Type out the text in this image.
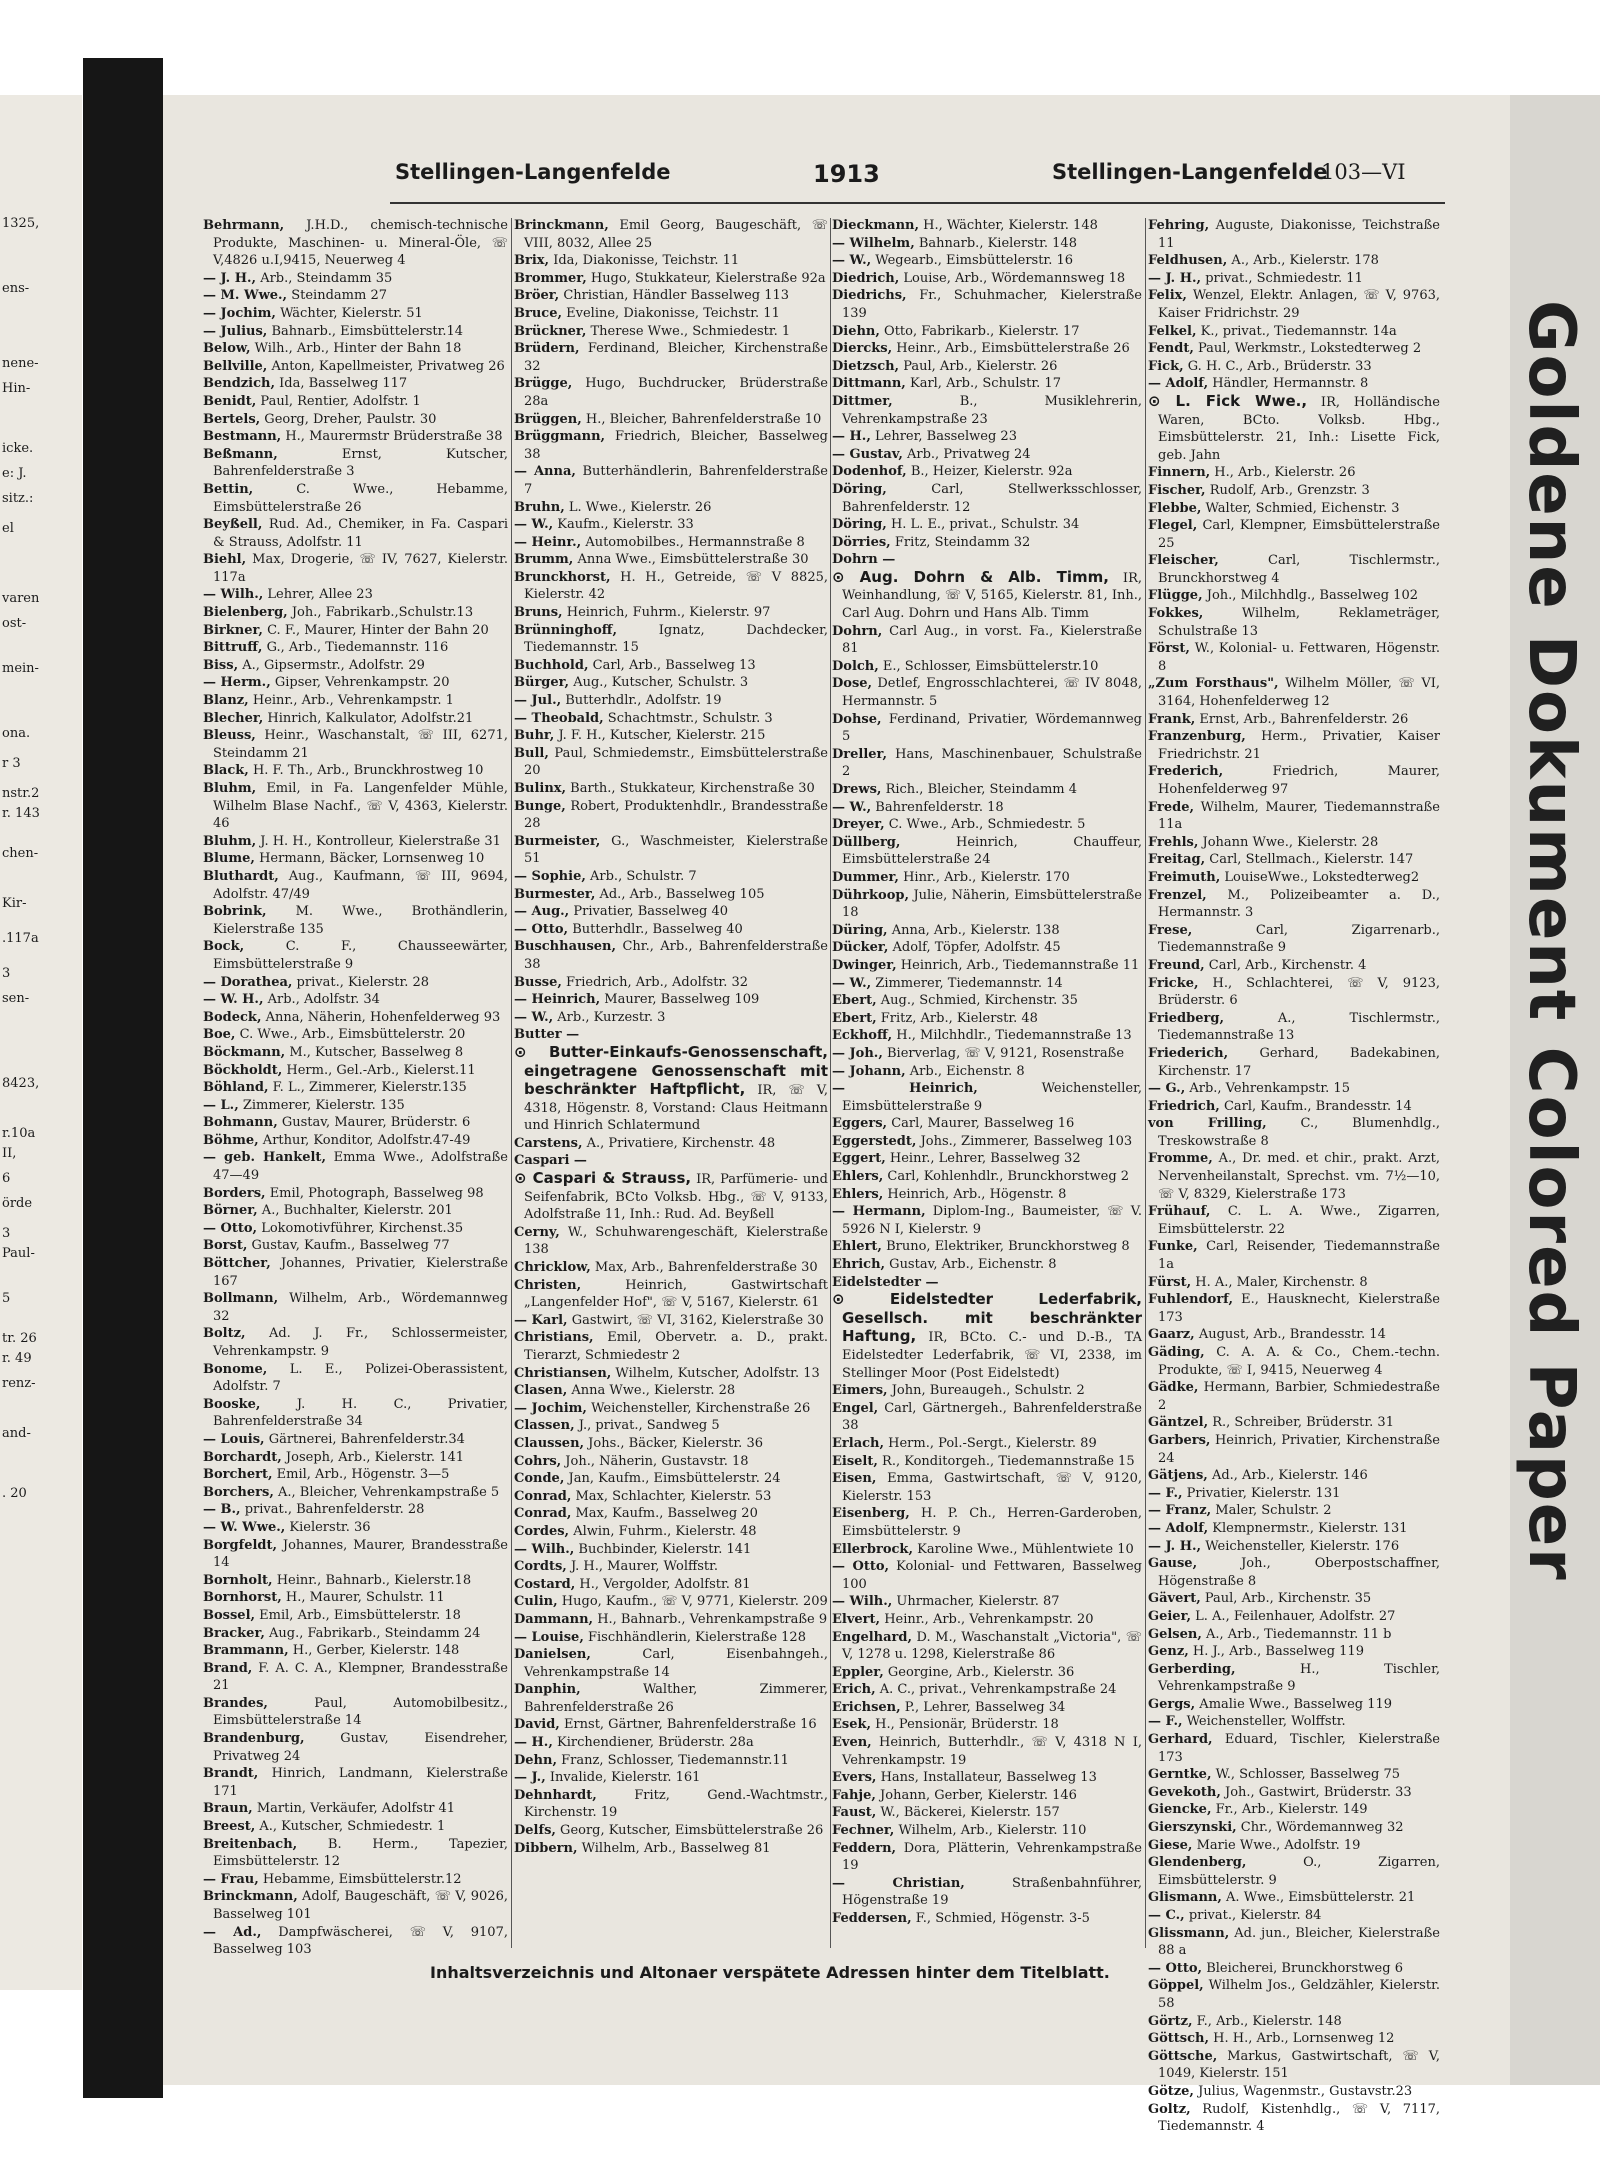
1325,
ens-
nene-
Hin-
icke.
e: J.
sitz.:
el
varen
ost-
mein-
ona.
r 3
nstr.2
r. 143
chen-
Kir-
.117a
3
sen-
8423,
r.10a
II,
6
örde
3
Paul-
5
tr. 26
r. 49
renz-
and-
. 20	Goldene Dokument Colored Paper
Stellingen-Langenfelde	1913	Stellingen-Langenfelde
103—VI

Behrmann, J.H.D., chemisch-technische Produkte, Maschinen- u. Mineral-Öle, ☏ V,4826 u.I,9415, Neuerweg 4

— J. H., Arb., Steindamm 35

— M. Wwe., Steindamm 27

— Jochim, Wächter, Kielerstr. 51

— Julius, Bahnarb., Eimsbüttelerstr.14

Below, Wilh., Arb., Hinter der Bahn 18

Bellville, Anton, Kapellmeister, Privatweg 26

Bendzich, Ida, Basselweg 117

Benidt, Paul, Rentier, Adolfstr. 1

Bertels, Georg, Dreher, Paulstr. 30

Bestmann, H., Maurermstr Brüderstraße 38

Beßmann, Ernst, Kutscher, Bahrenfelderstraße 3

Bettin, C. Wwe., Hebamme, Eimsbüttelerstraße 26

Beyßell, Rud. Ad., Chemiker, in Fa. Caspari & Strauss, Adolfstr. 11

Biehl, Max, Drogerie, ☏ IV, 7627, Kielerstr. 117a

— Wilh., Lehrer, Allee 23

Bielenberg, Joh., Fabrikarb.,Schulstr.13

Birkner, C. F., Maurer, Hinter der Bahn 20

Bittruff, G., Arb., Tiedemannstr. 116

Biss, A., Gipsermstr., Adolfstr. 29

— Herm., Gipser, Vehrenkampstr. 20

Blanz, Heinr., Arb., Vehrenkampstr. 1

Blecher, Hinrich, Kalkulator, Adolfstr.21

Bleuss, Heinr., Waschanstalt, ☏ III, 6271, Steindamm 21

Black, H. F. Th., Arb., Brunckhrostweg 10

Bluhm, Emil, in Fa. Langenfelder Mühle, Wilhelm Blase Nachf., ☏ V, 4363, Kielerstr. 46

Bluhm, J. H. H., Kontrolleur, Kielerstraße 31

Blume, Hermann, Bäcker, Lornsenweg 10

Bluthardt, Aug., Kaufmann, ☏ III, 9694, Adolfstr. 47/49

Bobrink, M. Wwe., Brothändlerin, Kielerstraße 135

Bock, C. F., Chausseewärter, Eimsbüttelerstraße 9

— Dorathea, privat., Kielerstr. 28

— W. H., Arb., Adolfstr. 34

Bodeck, Anna, Näherin, Hohenfelderweg 93

Boe, C. Wwe., Arb., Eimsbüttelerstr. 20

Böckmann, M., Kutscher, Basselweg 8

Böckholdt, Herm., Gel.-Arb., Kielerst.11

Böhland, F. L., Zimmerer, Kielerstr.135

— L., Zimmerer, Kielerstr. 135

Bohmann, Gustav, Maurer, Brüderstr. 6

Böhme, Arthur, Konditor, Adolfstr.47-49

— geb. Hankelt, Emma Wwe., Adolfstraße 47—49

Borders, Emil, Photograph, Basselweg 98

Börner, A., Buchhalter, Kielerstr. 201

— Otto, Lokomotivführer, Kirchenst.35

Borst, Gustav, Kaufm., Basselweg 77

Böttcher, Johannes, Privatier, Kielerstraße 167

Bollmann, Wilhelm, Arb., Wördemannweg 32

Boltz, Ad. J. Fr., Schlossermeister, Vehrenkampstr. 9

Bonome, L. E., Polizei-Oberassistent, Adolfstr. 7

Booske, J. H. C., Privatier, Bahrenfelderstraße 34

— Louis, Gärtnerei, Bahrenfelderstr.34

Borchardt, Joseph, Arb., Kielerstr. 141

Borchert, Emil, Arb., Högenstr. 3—5

Borchers, A., Bleicher, Vehrenkampstraße 5

— B., privat., Bahrenfelderstr. 28

— W. Wwe., Kielerstr. 36

Borgfeldt, Johannes, Maurer, Brandesstraße 14

Bornholt, Heinr., Bahnarb., Kielerstr.18

Bornhorst, H., Maurer, Schulstr. 11

Bossel, Emil, Arb., Eimsbüttelerstr. 18

Bracker, Aug., Fabrikarb., Steindamm 24

Brammann, H., Gerber, Kielerstr. 148

Brand, F. A. C. A., Klempner, Brandesstraße 21

Brandes, Paul, Automobilbesitz., Eimsbüttelerstraße 14

Brandenburg, Gustav, Eisendreher, Privatweg 24

Brandt, Hinrich, Landmann, Kielerstraße 171

Braun, Martin, Verkäufer, Adolfstr 41

Breest, A., Kutscher, Schmiedestr. 1

Breitenbach, B. Herm., Tapezier, Eimsbüttelerstr. 12

— Frau, Hebamme, Eimsbüttelerstr.12

Brinckmann, Adolf, Baugeschäft, ☏ V, 9026, Basselweg 101

— Ad., Dampfwäscherei, ☏ V, 9107, Basselweg 103

Brinckmann, Emil Georg, Baugeschäft, ☏ VIII, 8032, Allee 25

Brix, Ida, Diakonisse, Teichstr. 11

Brommer, Hugo, Stukkateur, Kielerstraße 92a

Bröer, Christian, Händler Basselweg 113

Bruce, Eveline, Diakonisse, Teichstr. 11

Brückner, Therese Wwe., Schmiedestr. 1

Brüdern, Ferdinand, Bleicher, Kirchenstraße 32

Brügge, Hugo, Buchdrucker, Brüderstraße 28a

Brüggen, H., Bleicher, Bahrenfelderstraße 10

Brüggmann, Friedrich, Bleicher, Basselweg 38

— Anna, Butterhändlerin, Bahrenfelderstraße 7

Bruhn, L. Wwe., Kielerstr. 26

— W., Kaufm., Kielerstr. 33

— Heinr., Automobilbes., Hermannstraße 8

Brumm, Anna Wwe., Eimsbüttelerstraße 30

Brunckhorst, H. H., Getreide, ☏ V 8825, Kielerstr. 42

Bruns, Heinrich, Fuhrm., Kielerstr. 97

Brünninghoff, Ignatz, Dachdecker, Tiedemannstr. 15

Buchhold, Carl, Arb., Basselweg 13

Bürger, Aug., Kutscher, Schulstr. 3

— Jul., Butterhdlr., Adolfstr. 19

— Theobald, Schachtmstr., Schulstr. 3

Buhr, J. F. H., Kutscher, Kielerstr. 215

Bull, Paul, Schmiedemstr., Eimsbüttelerstraße 20

Bulinx, Barth., Stukkateur, Kirchenstraße 30

Bunge, Robert, Produktenhdlr., Brandesstraße 28

Burmeister, G., Waschmeister, Kielerstraße 51

— Sophie, Arb., Schulstr. 7

Burmester, Ad., Arb., Basselweg 105

— Aug., Privatier, Basselweg 40

— Otto, Butterhdlr., Basselweg 40

Buschhausen, Chr., Arb., Bahrenfelderstraße 38

Busse, Friedrich, Arb., Adolfstr. 32

— Heinrich, Maurer, Basselweg 109

— W., Arb., Kurzestr. 3

Butter —

⊙ Butter-Einkaufs-Genossenschaft, eingetragene Genossenschaft mit beschränkter Haftpflicht, IR, ☏ V, 4318, Högenstr. 8, Vorstand: Claus Heitmann und Hinrich Schlatermund

Carstens, A., Privatiere, Kirchenstr. 48

Caspari —

⊙ Caspari & Strauss, IR, Parfümerie- und Seifenfabrik, BCto Volksb. Hbg., ☏ V, 9133, Adolfstraße 11, Inh.: Rud. Ad. Beyßell

Cerny, W., Schuhwarengeschäft, Kielerstraße 138

Chricklow, Max, Arb., Bahrenfelderstraße 30

Christen, Heinrich, Gastwirtschaft „Langenfelder Hof", ☏ V, 5167, Kielerstr. 61

— Karl, Gastwirt, ☏ VI, 3162, Kielerstraße 30

Christians, Emil, Obervetr. a. D., prakt. Tierarzt, Schmiedestr 2

Christiansen, Wilhelm, Kutscher, Adolfstr. 13

Clasen, Anna Wwe., Kielerstr. 28

— Jochim, Weichensteller, Kirchenstraße 26

Classen, J., privat., Sandweg 5

Claussen, Johs., Bäcker, Kielerstr. 36

Cohrs, Joh., Näherin, Gustavstr. 18

Conde, Jan, Kaufm., Eimsbüttelerstr. 24

Conrad, Max, Schlachter, Kielerstr. 53

Conrad, Max, Kaufm., Basselweg 20

Cordes, Alwin, Fuhrm., Kielerstr. 48

— Wilh., Buchbinder, Kielerstr. 141

Cordts, J. H., Maurer, Wolffstr.

Costard, H., Vergolder, Adolfstr. 81

Culin, Hugo, Kaufm., ☏ V, 9771, Kielerstr. 209

Dammann, H., Bahnarb., Vehrenkampstraße 9

— Louise, Fischhändlerin, Kielerstraße 128

Danielsen, Carl, Eisenbahngeh., Vehrenkampstraße 14

Danphin, Walther, Zimmerer, Bahrenfelderstraße 26

David, Ernst, Gärtner, Bahrenfelderstraße 16

— H., Kirchendiener, Brüderstr. 28a

Dehn, Franz, Schlosser, Tiedemannstr.11

— J., Invalide, Kielerstr. 161

Dehnhardt, Fritz, Gend.-Wachtmstr., Kirchenstr. 19

Delfs, Georg, Kutscher, Eimsbüttelerstraße 26

Dibbern, Wilhelm, Arb., Basselweg 81

Dieckmann, H., Wächter, Kielerstr. 148

— Wilhelm, Bahnarb., Kielerstr. 148

— W., Wegearb., Eimsbüttelerstr. 16

Diedrich, Louise, Arb., Wördemannsweg 18

Diedrichs, Fr., Schuhmacher, Kielerstraße 139

Diehn, Otto, Fabrikarb., Kielerstr. 17

Diercks, Heinr., Arb., Eimsbüttelerstraße 26

Dietzsch, Paul, Arb., Kielerstr. 26

Dittmann, Karl, Arb., Schulstr. 17

Dittmer, B., Musiklehrerin, Vehrenkampstraße 23

— H., Lehrer, Basselweg 23

— Gustav, Arb., Privatweg 24

Dodenhof, B., Heizer, Kielerstr. 92a

Döring, Carl, Stellwerksschlosser, Bahrenfelderstr. 12

Döring, H. L. E., privat., Schulstr. 34

Dörries, Fritz, Steindamm 32

Dohrn —

⊙ Aug. Dohrn & Alb. Timm, IR, Weinhandlung, ☏ V, 5165, Kielerstr. 81, Inh., Carl Aug. Dohrn und Hans Alb. Timm

Dohrn, Carl Aug., in vorst. Fa., Kielerstraße 81

Dolch, E., Schlosser, Eimsbüttelerstr.10

Dose, Detlef, Engrosschlachterei, ☏ IV 8048, Hermannstr. 5

Dohse, Ferdinand, Privatier, Wördemannweg 5

Dreller, Hans, Maschinenbauer, Schulstraße 2

Drews, Rich., Bleicher, Steindamm 4

— W., Bahrenfelderstr. 18

Dreyer, C. Wwe., Arb., Schmiedestr. 5

Düllberg, Heinrich, Chauffeur, Eimsbüttelerstraße 24

Dummer, Hinr., Arb., Kielerstr. 170

Dührkoop, Julie, Näherin, Eimsbüttelerstraße 18

Düring, Anna, Arb., Kielerstr. 138

Dücker, Adolf, Töpfer, Adolfstr. 45

Dwinger, Heinrich, Arb., Tiedemannstraße 11

— W., Zimmerer, Tiedemannstr. 14

Ebert, Aug., Schmied, Kirchenstr. 35

Ebert, Fritz, Arb., Kielerstr. 48

Eckhoff, H., Milchhdlr., Tiedemannstraße 13

— Joh., Bierverlag, ☏ V, 9121, Rosenstraße

— Johann, Arb., Eichenstr. 8

— Heinrich, Weichensteller, Eimsbüttelerstraße 9

Eggers, Carl, Maurer, Basselweg 16

Eggerstedt, Johs., Zimmerer, Basselweg 103

Eggert, Heinr., Lehrer, Basselweg 32

Ehlers, Carl, Kohlenhdlr., Brunckhorstweg 2

Ehlers, Heinrich, Arb., Högenstr. 8

— Hermann, Diplom-Ing., Baumeister, ☏ V. 5926 N I, Kielerstr. 9

Ehlert, Bruno, Elektriker, Brunckhorstweg 8

Ehrich, Gustav, Arb., Eichenstr. 8

Eidelstedter —

⊙ Eidelstedter Lederfabrik, Gesellsch. mit beschränkter Haftung, IR, BCto. C.- und D.-B., TA Eidelstedter Lederfabrik, ☏ VI, 2338, im Stellinger Moor (Post Eidelstedt)

Eimers, John, Bureaugeh., Schulstr. 2

Engel, Carl, Gärtnergeh., Bahrenfelderstraße 38

Erlach, Herm., Pol.-Sergt., Kielerstr. 89

Eiselt, R., Konditorgeh., Tiedemannstraße 15

Eisen, Emma, Gastwirtschaft, ☏ V, 9120, Kielerstr. 153

Eisenberg, H. P. Ch., Herren-Garderoben, Eimsbüttelerstr. 9

Ellerbrock, Karoline Wwe., Mühlentwiete 10

— Otto, Kolonial- und Fettwaren, Basselweg 100

— Wilh., Uhrmacher, Kielerstr. 87

Elvert, Heinr., Arb., Vehrenkampstr. 20

Engelhard, D. M., Waschanstalt „Victoria", ☏ V, 1278 u. 1298, Kielerstraße 86

Eppler, Georgine, Arb., Kielerstr. 36

Erich, A. C., privat., Vehrenkampstraße 24

Erichsen, P., Lehrer, Basselweg 34

Esek, H., Pensionär, Brüderstr. 18

Even, Heinrich, Butterhdlr., ☏ V, 4318 N I, Vehrenkampstr. 19

Evers, Hans, Installateur, Basselweg 13

Fahje, Johann, Gerber, Kielerstr. 146

Faust, W., Bäckerei, Kielerstr. 157

Fechner, Wilhelm, Arb., Kielerstr. 110

Feddern, Dora, Plätterin, Vehrenkampstraße 19

— Christian, Straßenbahnführer, Högenstraße 19

Feddersen, F., Schmied, Högenstr. 3-5

Fehring, Auguste, Diakonisse, Teichstraße 11

Feldhusen, A., Arb., Kielerstr. 178

— J. H., privat., Schmiedestr. 11

Felix, Wenzel, Elektr. Anlagen, ☏ V, 9763, Kaiser Fridrichstr. 29

Felkel, K., privat., Tiedemannstr. 14a

Fendt, Paul, Werkmstr., Lokstedterweg 2

Fick, G. H. C., Arb., Brüderstr. 33

— Adolf, Händler, Hermannstr. 8

⊙ L. Fick Wwe., IR, Holländische Waren, BCto. Volksb. Hbg., Eimsbüttelerstr. 21, Inh.: Lisette Fick, geb. Jahn

Finnern, H., Arb., Kielerstr. 26

Fischer, Rudolf, Arb., Grenzstr. 3

Flebbe, Walter, Schmied, Eichenstr. 3

Flegel, Carl, Klempner, Eimsbüttelerstraße 25

Fleischer, Carl, Tischlermstr., Brunckhorstweg 4

Flügge, Joh., Milchhdlg., Basselweg 102

Fokkes, Wilhelm, Reklameträger, Schulstraße 13

Först, W., Kolonial- u. Fettwaren, Högenstr. 8

„Zum Forsthaus", Wilhelm Möller, ☏ VI, 3164, Hohenfelderweg 12

Frank, Ernst, Arb., Bahrenfelderstr. 26

Franzenburg, Herm., Privatier, Kaiser Friedrichstr. 21

Frederich, Friedrich, Maurer, Hohenfelderweg 97

Frede, Wilhelm, Maurer, Tiedemannstraße 11a

Frehls, Johann Wwe., Kielerstr. 28

Freitag, Carl, Stellmach., Kielerstr. 147

Freimuth, LouiseWwe., Lokstedterweg2

Frenzel, M., Polizeibeamter a. D., Hermannstr. 3

Frese, Carl, Zigarrenarb., Tiedemannstraße 9

Freund, Carl, Arb., Kirchenstr. 4

Fricke, H., Schlachterei, ☏ V, 9123, Brüderstr. 6

Friedberg, A., Tischlermstr., Tiedemannstraße 13

Friederich, Gerhard, Badekabinen, Kirchenstr. 17

— G., Arb., Vehrenkampstr. 15

Friedrich, Carl, Kaufm., Brandesstr. 14

von Frilling, C., Blumenhdlg., Treskowstraße 8

Fromme, A., Dr. med. et chir., prakt. Arzt, Nervenheilanstalt, Sprechst. vm. 7½—10, ☏ V, 8329, Kielerstraße 173

Frühauf, C. L. A. Wwe., Zigarren, Eimsbüttelerstr. 22

Funke, Carl, Reisender, Tiedemannstraße 1a

Fürst, H. A., Maler, Kirchenstr. 8

Fuhlendorf, E., Hausknecht, Kielerstraße 173

Gaarz, August, Arb., Brandesstr. 14

Gäding, C. A. A. & Co., Chem.-techn. Produkte, ☏ I, 9415, Neuerweg 4

Gädke, Hermann, Barbier, Schmiedestraße 2

Gäntzel, R., Schreiber, Brüderstr. 31

Garbers, Heinrich, Privatier, Kirchenstraße 24

Gätjens, Ad., Arb., Kielerstr. 146

— F., Privatier, Kielerstr. 131

— Franz, Maler, Schulstr. 2

— Adolf, Klempnermstr., Kielerstr. 131

— J. H., Weichensteller, Kielerstr. 176

Gause, Joh., Oberpostschaffner, Högenstraße 8

Gävert, Paul, Arb., Kirchenstr. 35

Geier, L. A., Feilenhauer, Adolfstr. 27

Gelsen, A., Arb., Tiedemannstr. 11 b

Genz, H. J., Arb., Basselweg 119

Gerberding, H., Tischler, Vehrenkampstraße 9

Gergs, Amalie Wwe., Basselweg 119

— F., Weichensteller, Wolffstr.

Gerhard, Eduard, Tischler, Kielerstraße 173

Gerntke, W., Schlosser, Basselweg 75

Gevekoth, Joh., Gastwirt, Brüderstr. 33

Giencke, Fr., Arb., Kielerstr. 149

Gierszynski, Chr., Wördemannweg 32

Giese, Marie Wwe., Adolfstr. 19

Glendenberg, O., Zigarren, Eimsbüttelerstr. 9

Glismann, A. Wwe., Eimsbüttelerstr. 21

— C., privat., Kielerstr. 84

Glissmann, Ad. jun., Bleicher, Kielerstraße 88 a

— Otto, Bleicherei, Brunckhorstweg 6

Göppel, Wilhelm Jos., Geldzähler, Kielerstr. 58

Görtz, F., Arb., Kielerstr. 148

Göttsch, H. H., Arb., Lornsenweg 12

Göttsche, Markus, Gastwirtschaft, ☏ V, 1049, Kielerstr. 151

Götze, Julius, Wagenmstr., Gustavstr.23

Goltz, Rudolf, Kistenhdlg., ☏ V, 7117, Tiedemannstr. 4

Inhaltsverzeichnis und Altonaer verspätete Adressen hinter dem Titelblatt.
